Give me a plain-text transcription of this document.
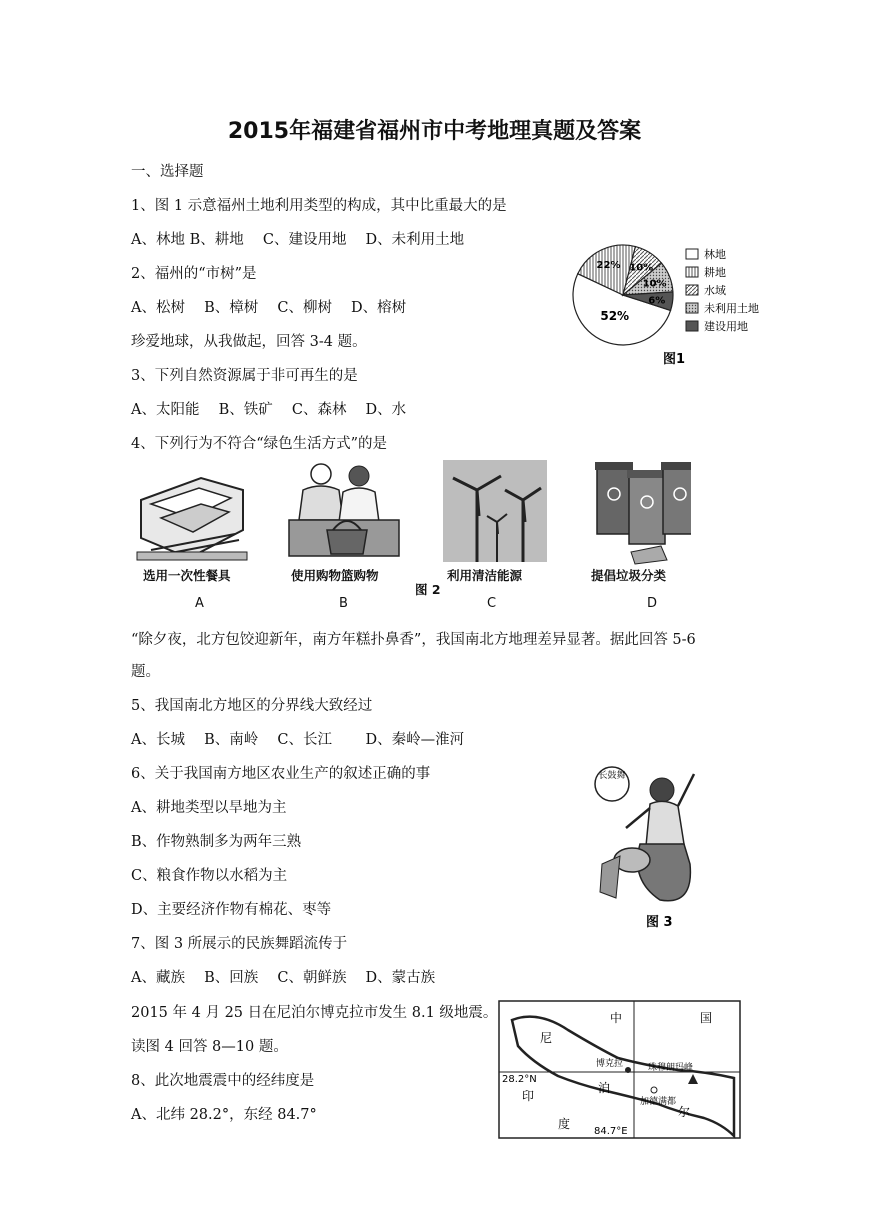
2015年福建省福州市中考地理真题及答案
一、选择题
1、图 1 示意福州土地利用类型的构成，其中比重最大的是
A、林地 B、耕地　 C、建设用地　 D、未利用土地
2、福州的“市树”是
A、松树　 B、樟树　 C、柳树　 D、榕树
珍爱地球，从我做起，回答 3-4 题。
3、下列自然资源属于非可再生的是
A、太阳能　 B、铁矿　 C、森林　 D、水
4、下列行为不符合“绿色生活方式”的是
“除夕夜，北方包饺迎新年，南方年糕扑鼻香”，我国南北方地理差异显著。据此回答 5-6
题。
5、我国南北方地区的分界线大致经过
A、长城　 B、南岭　 C、长江　　 D、秦岭—淮河
6、关于我国南方地区农业生产的叙述正确的事
A、耕地类型以旱地为主
B、作物熟制多为两年三熟
C、粮食作物以水稻为主
D、主要经济作物有棉花、枣等
7、图 3 所展示的民族舞蹈流传于
A、藏族　 B、回族　 C、朝鲜族　 D、蒙古族
2015 年 4 月 25 日在尼泊尔博克拉市发生 8.1 级地震。
读图 4 回答 8—10 题。
8、此次地震震中的经纬度是
A、北纬 28.2°，东经 84.7°
52%
22% 10%
10%
6%
林地
耕地
水域
未利用土地
建设用地
图1
选用一次性餐具	使用购物篮购物	利用清洁能源	提倡垃圾分类
图 2
A	B	C	D
长鼓舞
图 3
中	国
尼
泊
尔
印
度
博克拉	珠穆朗玛峰
加德满都
28.2°N
84.7°E
